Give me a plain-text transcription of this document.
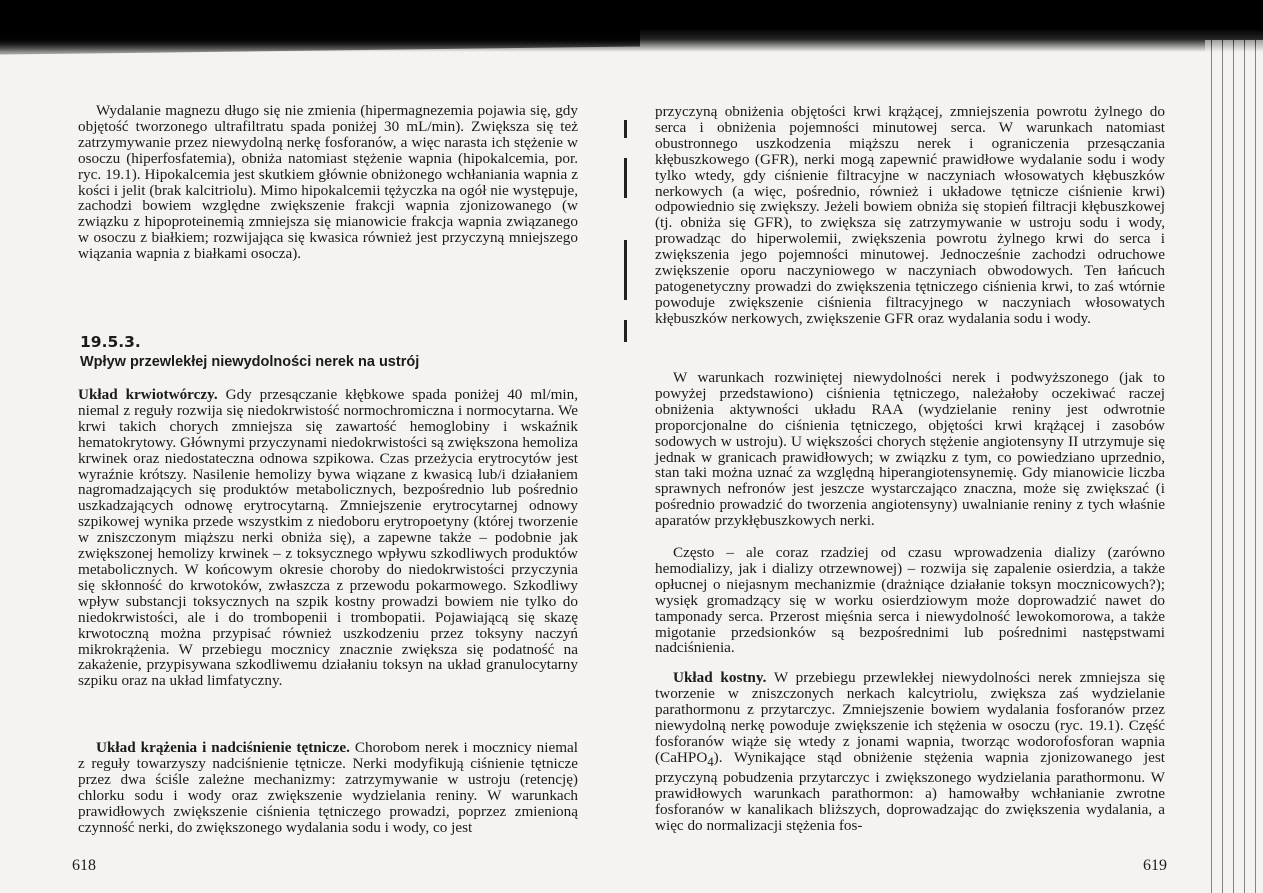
Wydalanie magnezu długo się nie zmienia (hipermagnezemia pojawia się, gdy objętość tworzonego ultrafiltratu spada poniżej 30 mL/min). Zwiększa się też zatrzymywanie przez niewydolną nerkę fosforanów, a więc narasta ich stężenie w osoczu (hiperfosfatemia), obniża natomiast stężenie wapnia (hipokalcemia, por. ryc. 19.1). Hipokalcemia jest skutkiem głównie obniżonego wchłaniania wapnia z kości i jelit (brak kalcitriolu). Mimo hipokalcemii tężyczka na ogół nie występuje, zachodzi bowiem względne zwiększenie frakcji wapnia zjonizowanego (w związku z hipoproteinemią zmniejsza się mianowicie frakcja wapnia związanego w osoczu z białkiem; rozwijająca się kwasica również jest przyczyną mniejszego wiązania wapnia z białkami osocza).

19.5.3.

Wpływ przewlekłej niewydolności nerek na ustrój

Układ krwiotwórczy. Gdy przesączanie kłębkowe spada poniżej 40 ml/min, niemal z reguły rozwija się niedokrwistość normochromiczna i normocytarna. We krwi takich chorych zmniejsza się zawartość hemoglobiny i wskaźnik hematokrytowy. Głównymi przyczynami niedokrwistości są zwiększona hemoliza krwinek oraz niedostateczna odnowa szpikowa. Czas przeżycia erytrocytów jest wyraźnie krótszy. Nasilenie hemolizy bywa wiązane z kwasicą lub/i działaniem nagromadzających się produktów metabolicznych, bezpośrednio lub pośrednio uszkadzających odnowę erytrocytarną. Zmniejszenie erytrocytarnej odnowy szpikowej wynika przede wszystkim z niedoboru erytropoetyny (której tworzenie w zniszczonym miąższu nerki obniża się), a zapewne także – podobnie jak zwiększonej hemolizy krwinek – z toksycznego wpływu szkodliwych produktów metabolicznych. W końcowym okresie choroby do niedokrwistości przyczynia się skłonność do krwotoków, zwłaszcza z przewodu pokarmowego. Szkodliwy wpływ substancji toksycznych na szpik kostny prowadzi bowiem nie tylko do niedokrwistości, ale i do trombopenii i trombopatii. Pojawiającą się skazę krwotoczną można przypisać również uszkodzeniu przez toksyny naczyń mikrokrążenia. W przebiegu mocznicy znacznie zwiększa się podatność na zakażenie, przypisywana szkodliwemu działaniu toksyn na układ granulocytarny szpiku oraz na układ limfatyczny.

Układ krążenia i nadciśnienie tętnicze. Chorobom nerek i mocznicy niemal z reguły towarzyszy nadciśnienie tętnicze. Nerki modyfikują ciśnienie tętnicze przez dwa ściśle zależne mechanizmy: zatrzymywanie w ustroju (retencję) chlorku sodu i wody oraz zwiększenie wydzielania reniny. W warunkach prawidłowych zwiększenie ciśnienia tętniczego prowadzi, poprzez zmienioną czynność nerki, do zwiększonego wydalania sodu i wody, co jest

618

przyczyną obniżenia objętości krwi krążącej, zmniejszenia powrotu żylnego do serca i obniżenia pojemności minutowej serca. W warunkach natomiast obustronnego uszkodzenia miąższu nerek i ograniczenia przesączania kłębuszkowego (GFR), nerki mogą zapewnić prawidłowe wydalanie sodu i wody tylko wtedy, gdy ciśnienie filtracyjne w naczyniach włosowatych kłębuszków nerkowych (a więc, pośrednio, również i układowe tętnicze ciśnienie krwi) odpowiednio się zwiększy. Jeżeli bowiem obniża się stopień filtracji kłębuszkowej (tj. obniża się GFR), to zwiększa się zatrzymywanie w ustroju sodu i wody, prowadząc do hiperwolemii, zwiększenia powrotu żylnego krwi do serca i zwiększenia jego pojemności minutowej. Jednocześnie zachodzi odruchowe zwiększenie oporu naczyniowego w naczyniach obwodowych. Ten łańcuch patogenetyczny prowadzi do zwiększenia tętniczego ciśnienia krwi, to zaś wtórnie powoduje zwiększenie ciśnienia filtracyjnego w naczyniach włosowatych kłębuszków nerkowych, zwiększenie GFR oraz wydalania sodu i wody.

W warunkach rozwiniętej niewydolności nerek i podwyższonego (jak to powyżej przedstawiono) ciśnienia tętniczego, należałoby oczekiwać raczej obniżenia aktywności układu RAA (wydzielanie reniny jest odwrotnie proporcjonalne do ciśnienia tętniczego, objętości krwi krążącej i zasobów sodowych w ustroju). U większości chorych stężenie angiotensyny II utrzymuje się jednak w granicach prawidłowych; w związku z tym, co powiedziano uprzednio, stan taki można uznać za względną hiperangiotensynemię. Gdy mianowicie liczba sprawnych nefronów jest jeszcze wystarczająco znaczna, może się zwiększać (i pośrednio prowadzić do tworzenia angiotensyny) uwalnianie reniny z tych właśnie aparatów przykłębuszkowych nerki.

Często – ale coraz rzadziej od czasu wprowadzenia dializy (zarówno hemodializy, jak i dializy otrzewnowej) – rozwija się zapalenie osierdzia, a także opłucnej o niejasnym mechanizmie (drażniące działanie toksyn mocznicowych?); wysięk gromadzący się w worku osierdziowym może doprowadzić nawet do tamponady serca. Przerost mięśnia serca i niewydolność lewokomorowa, a także migotanie przedsionków są bezpośrednimi lub pośrednimi następstwami nadciśnienia.

Układ kostny. W przebiegu przewlekłej niewydolności nerek zmniejsza się tworzenie w zniszczonych nerkach kalcytriolu, zwiększa zaś wydzielanie parathormonu z przytarczyc. Zmniejszenie bowiem wydalania fosforanów przez niewydolną nerkę powoduje zwiększenie ich stężenia w osoczu (ryc. 19.1). Część fosforanów wiąże się wtedy z jonami wapnia, tworząc wodorofosforan wapnia (CaHPO$_4$). Wynikające stąd obniżenie stężenia wapnia zjonizowanego jest przyczyną pobudzenia przytarczyc i zwiększonego wydzielania parathormonu. W prawidłowych warunkach parathormon: a) hamowałby wchłanianie zwrotne fosforanów w kanalikach bliższych, doprowadzając do zwiększenia wydalania, a więc do normalizacji stężenia fos-

619
